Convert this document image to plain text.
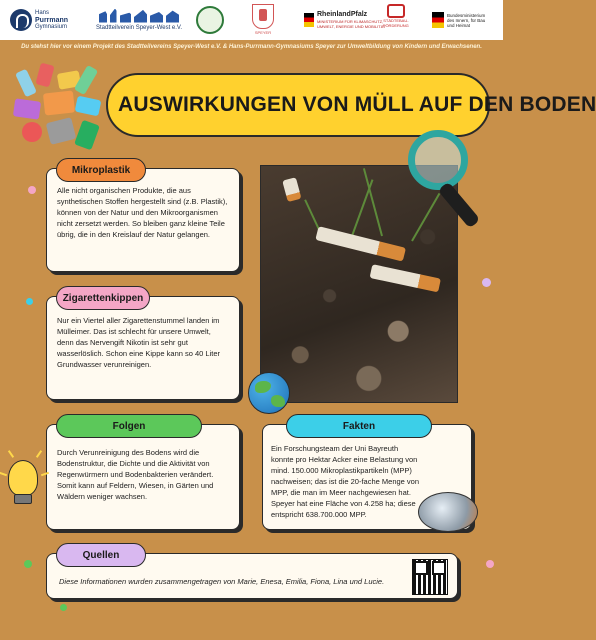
Hans
Purrmann
Gymnasium	Stadtteilverein Speyer-West e.V.
SPEYER
RheinlandPfalz
MINISTERIUM FÜR KLIMASCHUTZ,
UMWELT, ENERGIE UND MOBILITÄT
STÄDTEBAU-
FÖRDERUNG
Bundesministerium
des Innern, für Bau
und Heimat

Du stehst hier vor einem Projekt des Stadtteilvereins Speyer-West e.V. & Hans-Purrmann-Gymnasiums Speyer zur Umweltbildung von Kindern und Erwachsenen.

AUSWIRKUNGEN VON MÜLL AUF DEN BODEN
Mikroplastik

Alle nicht organischen Produkte, die aus synthetischen Stoffen hergestellt sind (z.B. Plastik), können von der Natur und den Mikroorganismen nicht zersetzt werden. So bleiben ganz kleine Teile übrig, die in den Kreislauf der Natur gelangen.

Zigarettenkippen

Nur ein Viertel aller Zigarettenstummel landen im Mülleimer. Das ist schlecht für unsere Umwelt, denn das Nervengift Nikotin ist sehr gut wasserlöslich. Schon eine Kippe kann so 40 Liter Grundwasser verunreinigen.

Folgen

Durch Verunreinigung des Bodens wird die Bodenstruktur, die Dichte und die Aktivität von Regenwürmern und Bodenbakterien verändert. Somit kann auf Feldern, Wiesen, in Gärten und Wäldern weniger wachsen.

Fakten

Ein Forschungsteam der Uni Bayreuth konnte pro Hektar Acker eine Belastung von mind. 150.000 Mikroplastikpartikeln (MPP) nachweisen; das ist die 20-fache Menge von MPP, die man im Meer nachgewiesen hat. Speyer hat eine Fläche von 4.258 ha; diese entspricht 638.700.000 MPP.

Quellen

Diese Informationen wurden zusammengetragen von Marie, Enesa, Emilia, Fiona, Lina und Lucie.
